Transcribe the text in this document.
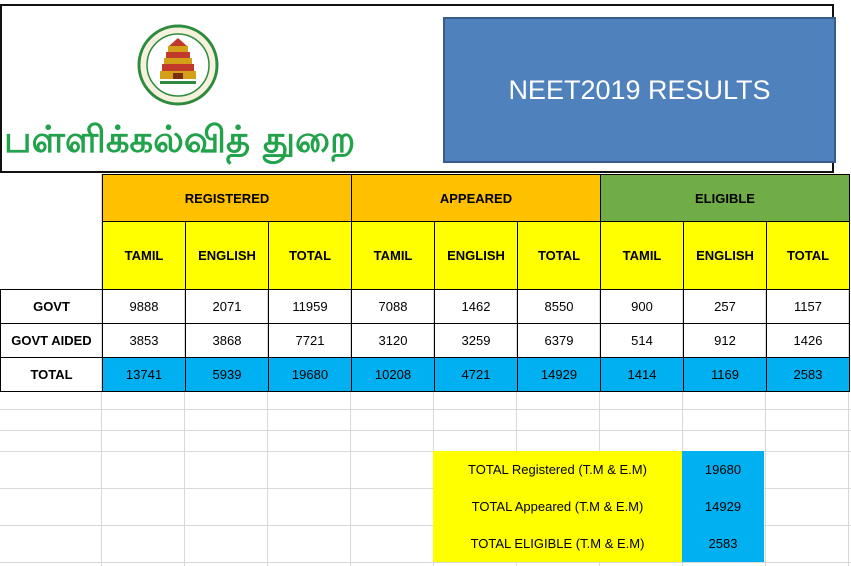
பள்ளிக்கல்வித் துறை
NEET2019 RESULTS
	REGISTERED			APPEARED			ELIGIBLE		
	TAMIL	ENGLISH	TOTAL	TAMIL	ENGLISH	TOTAL	TAMIL	ENGLISH	TOTAL
GOVT	9888	2071	11959	7088	1462	8550	900	257	1157
GOVT AIDED	3853	3868	7721	3120	3259	6379	514	912	1426
TOTAL	13741	5939	19680	10208	4721	14929	1414	1169	2583
TOTAL Registered (T.M & E.M)	19680
TOTAL Appeared (T.M & E.M)	14929
TOTAL ELIGIBLE (T.M & E.M)	2583
